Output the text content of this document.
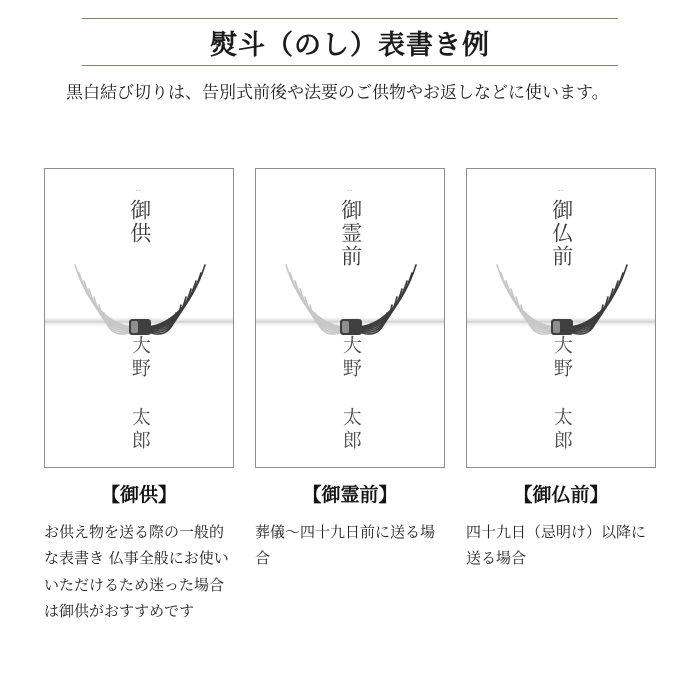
熨斗（のし）表書き例
黒白結び切りは、告別式前後や法要のご供物やお返しなどに使います。
‥
御供
大野 太郎
【御供】
お供え物を送る際の一般的な表書き 仏事全般にお使いいただけるため迷った場合は御供がおすすめです
‥
御霊前
大野 太郎
【御霊前】
葬儀〜四十九日前に送る場合
‥
御仏前
大野 太郎
【御仏前】
四十九日（忌明け）以降に送る場合
